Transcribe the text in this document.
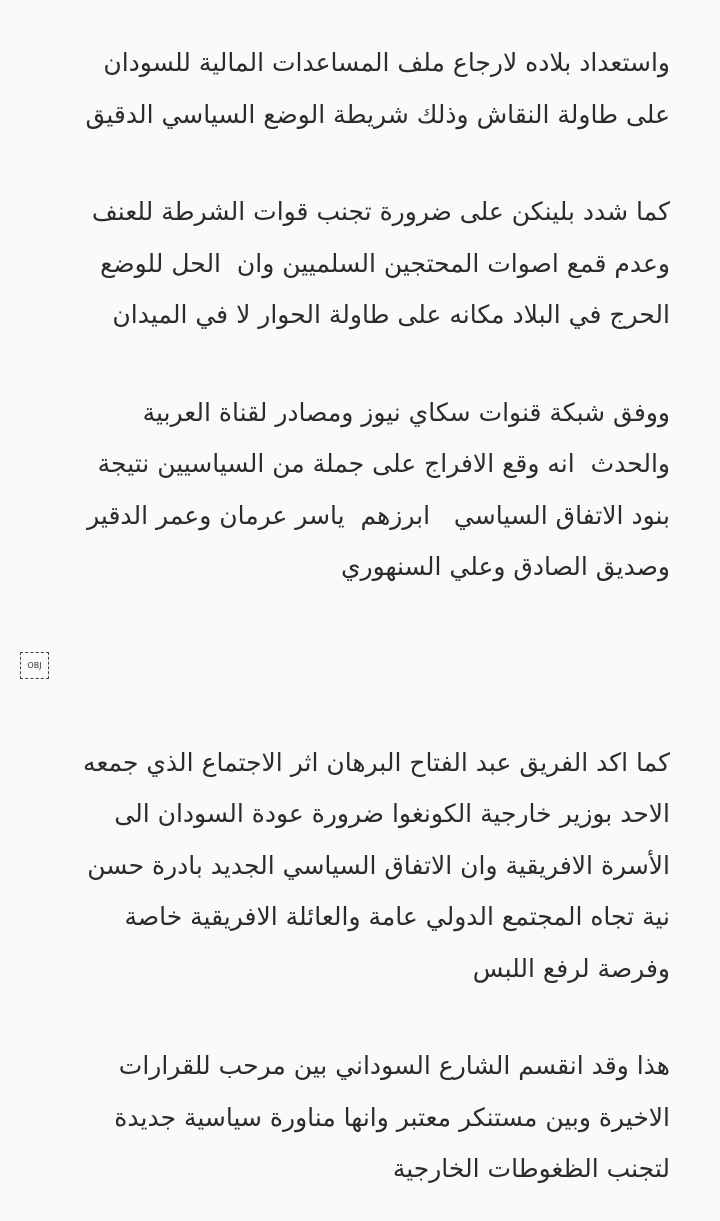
واستعداد بلاده لارجاع ملف المساعدات المالية للسودان
على طاولة النقاش وذلك شريطة الوضع السياسي الدقيق

كما شدد بلينكن على ضرورة تجنب قوات الشرطة للعنف
وعدم قمع اصوات المحتجين السلميين وان  الحل للوضع
الحرج في البلاد مكانه على طاولة الحوار لا في الميدان

ووفق شبكة قنوات سكاي نيوز ومصادر لقناة العربية
والحدث  انه وقع الافراج على جملة من السياسيين نتيجة
بنود الاتفاق السياسي   ابرزهم  ياسر عرمان وعمر الدقير
وصديق الصادق وعلي السنهوري

OBJ

كما اكد الفريق عبد الفتاح البرهان اثر الاجتماع الذي جمعه
الاحد بوزير خارجية الكونغوا ضرورة عودة السودان الى
الأسرة الافريقية وان الاتفاق السياسي الجديد بادرة حسن
نية تجاه المجتمع الدولي عامة والعائلة الافريقية خاصة
وفرصة لرفع اللبس

هذا وقد انقسم الشارع السوداني بين مرحب للقرارات
الاخيرة وبين مستنكر معتبر وانها مناورة سياسية جديدة
لتجنب الظغوطات الخارجية
